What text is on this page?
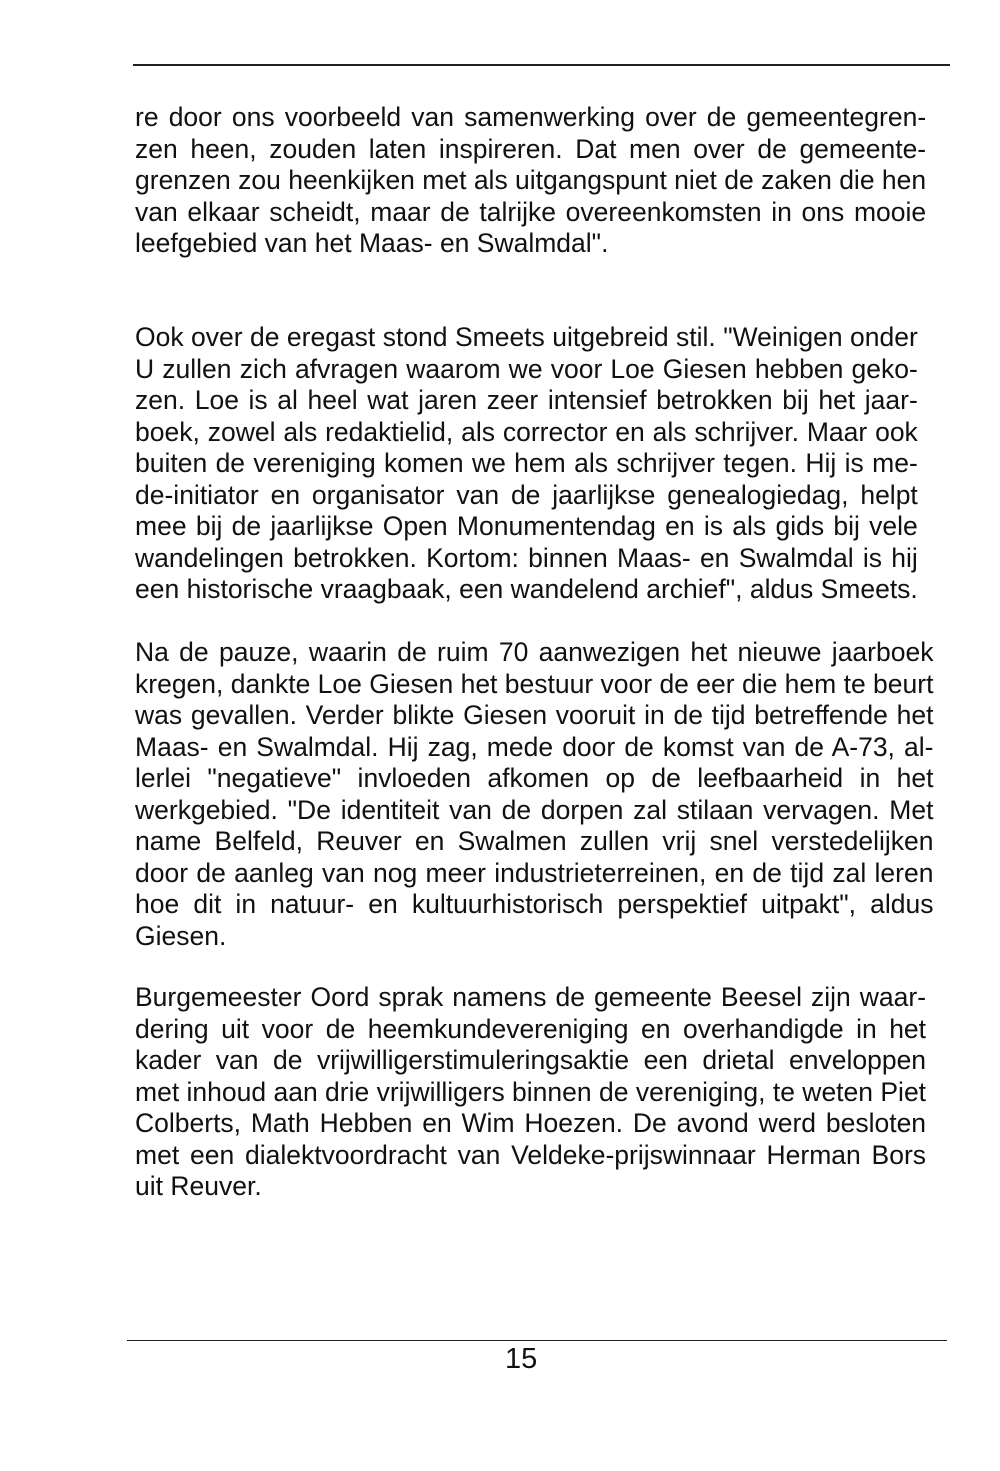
re door ons voorbeeld van samenwerking over de gemeentegren-
zen heen, zouden laten inspireren. Dat men over de gemeente-
grenzen zou heenkijken met als uitgangspunt niet de zaken die hen
van elkaar scheidt, maar de talrijke overeenkomsten in ons mooie
leefgebied van het Maas- en Swalmdal".

Ook over de eregast stond Smeets uitgebreid stil. "Weinigen onder
U zullen zich afvragen waarom we voor Loe Giesen hebben geko-
zen. Loe is al heel wat jaren zeer intensief betrokken bij het jaar-
boek, zowel als redaktielid, als corrector en als schrijver. Maar ook
buiten de vereniging komen we hem als schrijver tegen. Hij is me-
de-initiator en organisator van de jaarlijkse genealogiedag, helpt
mee bij de jaarlijkse Open Monumentendag en is als gids bij vele
wandelingen betrokken. Kortom: binnen Maas- en Swalmdal is hij
een historische vraagbaak, een wandelend archief", aldus Smeets.

Na de pauze, waarin de ruim 70 aanwezigen het nieuwe jaarboek
kregen, dankte Loe Giesen het bestuur voor de eer die hem te beurt
was gevallen. Verder blikte Giesen vooruit in de tijd betreffende het
Maas- en Swalmdal. Hij zag, mede door de komst van de A-73, al-
lerlei "negatieve" invloeden afkomen op de leefbaarheid in het
werkgebied. "De identiteit van de dorpen zal stilaan vervagen. Met
name Belfeld, Reuver en Swalmen zullen vrij snel verstedelijken
door de aanleg van nog meer industrieterreinen, en de tijd zal leren
hoe dit in natuur- en kultuurhistorisch perspektief uitpakt", aldus
Giesen.

Burgemeester Oord sprak namens de gemeente Beesel zijn waar-
dering uit voor de heemkundevereniging en overhandigde in het
kader van de vrijwilligerstimuleringsaktie een drietal enveloppen
met inhoud aan drie vrijwilligers binnen de vereniging, te weten Piet
Colberts, Math Hebben en Wim Hoezen. De avond werd besloten
met een dialektvoordracht van Veldeke-prijswinnaar Herman Bors
uit Reuver.

15
